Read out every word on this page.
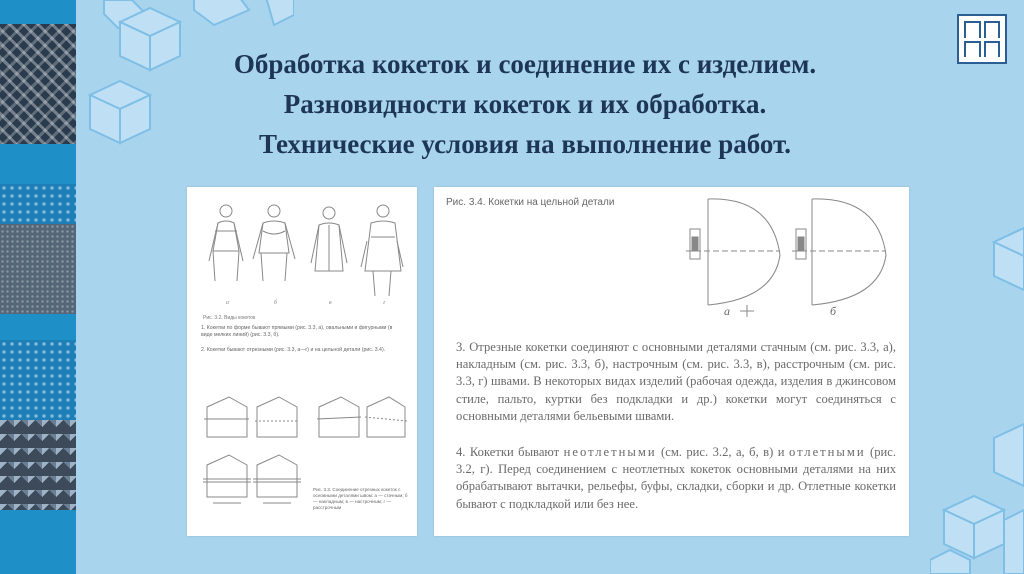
Обработка кокеток и соединение их с изделием.
Разновидности кокеток и их обработка.
Технические условия на выполнение работ.
а	б	в	г
Рис. 3.2. Виды кокеток
1. Кокетки по форме бывают прямыми (рис. 3.3, а), овальными и фигурными (в виде мелких линий) (рис. 3.3, б).
2. Кокетки бывают отрезными (рис. 3.3, а—г) и на цельной детали (рис. 3.4).
Рис. 3.3. Соединение отрезных кокеток с основными деталями швом: а — стачным; б — накладным; в — настрочным; г — расстрочным
Рис. 3.4. Кокетки на цельной детали
а	б
3. Отрезные кокетки соединяют с основными деталями стачным (см. рис. 3.3, а), накладным (см. рис. 3.3, б), настрочным (см. рис. 3.3, в), расстрочным (см. рис. 3.3, г) швами. В некоторых видах изделий (рабочая одежда, изделия в джинсовом стиле, пальто, куртки без подкладки и др.) кокетки могут соединяться с основными деталями бельевыми швами.
4. Кокетки бывают неотлетными (см. рис. 3.2, а, б, в) и отлетными (рис. 3.2, г). Перед соединением с неотлетных кокеток основными деталями на них обрабатывают вытачки, рельефы, буфы, складки, сборки и др. Отлетные кокетки бывают с подкладкой или без нее.
